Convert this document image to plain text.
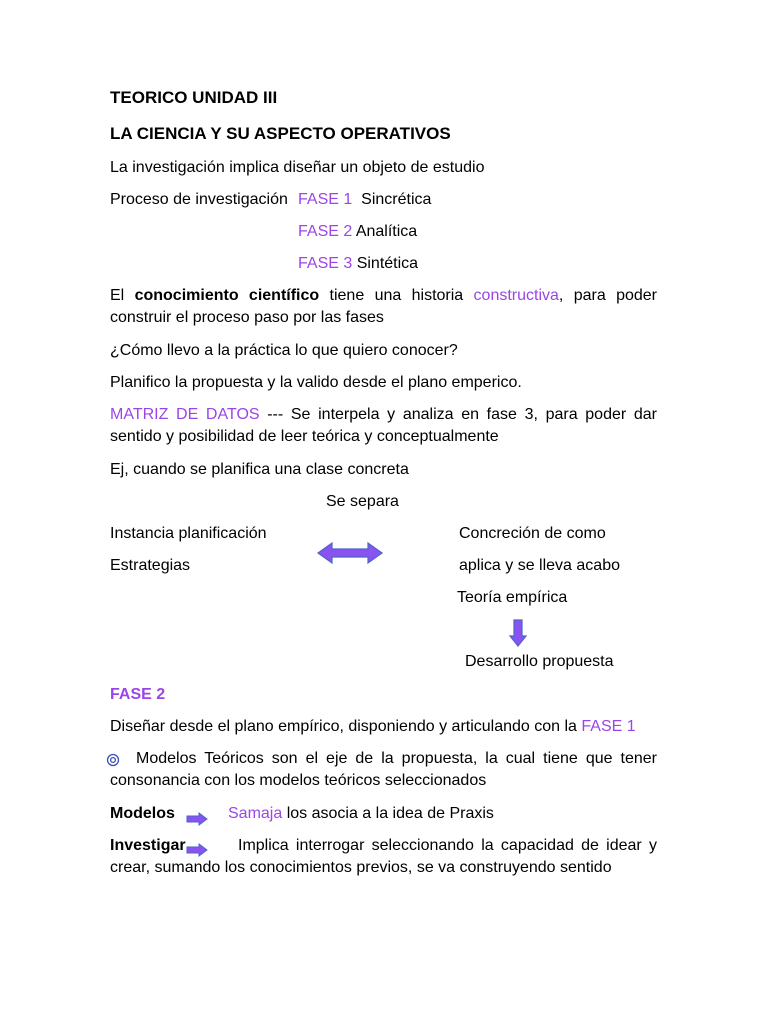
TEORICO UNIDAD III
LA CIENCIA Y SU ASPECTO OPERATIVOS
La investigación implica diseñar un objeto de estudio
Proceso de investigación FASE 1 Sincrética
FASE 2 Analítica
FASE 3 Sintética
El conocimiento científico tiene una historia constructiva, para poder construir el proceso paso por las fases
¿Cómo llevo a la práctica lo que quiero conocer?
Planifico la propuesta y la valido desde el plano emperico.
MATRIZ DE DATOS --- Se interpela y analiza en fase 3, para poder dar sentido y posibilidad de leer teórica y conceptualmente
Ej, cuando se planifica una clase concreta
Se separa
Instancia planificación
Estrategias
Concreción de como
aplica y se lleva acabo
Teoría empírica
Desarrollo propuesta
FASE 2
Diseñar desde el plano empírico, disponiendo y articulando con la FASE 1
Modelos Teóricos son el eje de la propuesta, la cual tiene que tener consonancia con los modelos teóricos seleccionados
Modelos	Samaja los asocia a la idea de Praxis
Investigar	Implica interrogar seleccionando la capacidad de idear y crear, sumando los conocimientos previos, se va construyendo sentido
